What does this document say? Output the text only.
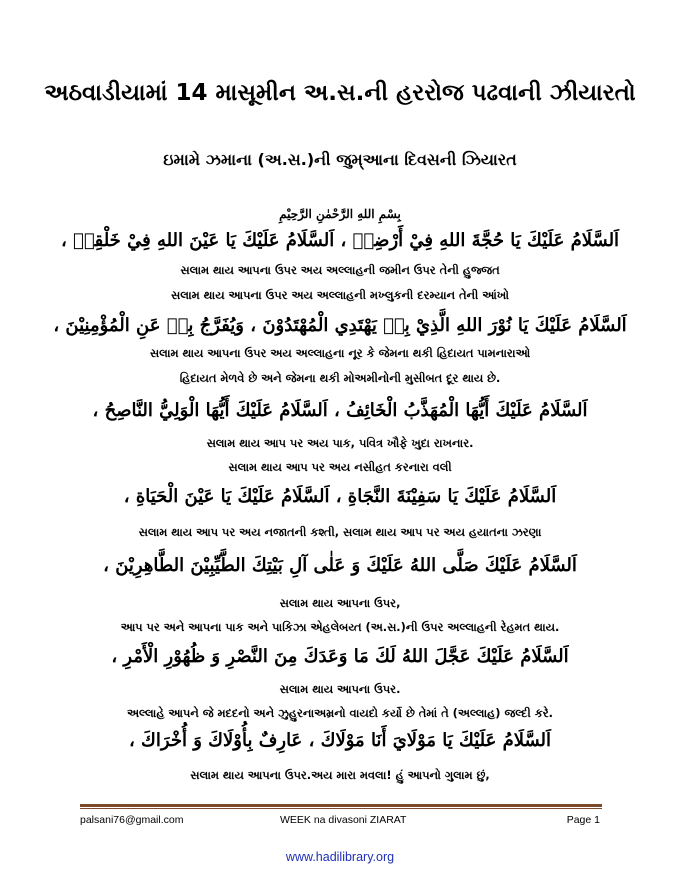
અઠવાડીયામાં 14 માસૂમીન અ.સ.ની હરરોજ પઢવાની ઝીયારતો
ઇમામે ઝમાના (અ.સ.)ની જુમ્આના દિવસની ઝિયારત
بِسْمِ اللهِ الرَّحْمٰنِ الرَّحِيْمِ
اَلسَّلَامُ عَلَيْكَ يَا حُجَّةَ اللهِ فِيْ أَرْضِهٖ ، اَلسَّلَامُ عَلَيْكَ يَا عَيْنَ اللهِ فِيْ خَلْقِهٖ ،
સલામ થાય આપના ઉપર અય અલ્લાહની જમીન ઉપર તેની હુજ્જત
સલામ થાય આપના ઉપર અય અલ્લાહની મખ્લુકની દરમ્યાન તેની આંખો
اَلسَّلَامُ عَلَيْكَ يَا نُوْرَ اللهِ الَّذِيْ بِهٖ يَهْتَدِي الْمُهْتَدُوْنَ ، وَيُفَرَّجُ بِهٖ عَنِ الْمُؤْمِنِيْنَ ،
સલામ થાય આપના ઉપર અય અલ્લાહના નૂર કે જેમના થકી હિદાયત પામનારાઓ
હિદાયત મેળવે છે અને જેમના થકી મોઅમીનોની મુસીબત દૂર થાય છે.
اَلسَّلَامُ عَلَيْكَ أَيُّهَا الْمُهَذَّبُ الْخَائِفُ ، اَلسَّلَامُ عَلَيْكَ أَيُّهَا الْوَلِيُّ النَّاصِحُ ،
સલામ થાય આપ પર અય પાક, પવિત્ર ખૌફે ખુદા રાખનાર.
સલામ થાય આપ પર અય નસીહત કરનારા વલી
اَلسَّلَامُ عَلَيْكَ يَا سَفِيْنَةَ النَّجَاةِ ، اَلسَّلَامُ عَلَيْكَ يَا عَيْنَ الْحَيَاةِ ،
સલામ થાય આપ પર અય નજાતની કશ્તી, સલામ થાય આપ પર અય હયાતના ઝરણા
اَلسَّلَامُ عَلَيْكَ صَلَّى اللهُ عَلَيْكَ وَ عَلٰى آلِ بَيْتِكَ الطَّيِّبِيْنَ الطَّاهِرِيْنَ ،
સલામ થાય આપના ઉપર,
આપ પર અને આપના પાક અને પાકિઝા એહલેબય્ત (અ.સ.)ની ઉપર અલ્લાહની રેહમત થાય.
اَلسَّلَامُ عَلَيْكَ عَجَّلَ اللهُ لَكَ مَا وَعَدَكَ مِنَ النَّصْرِ وَ ظُهُوْرِ الْأَمْرِ ،
સલામ થાય આપના ઉપર.
અલ્લાહે આપને જે મદદનો અને ઝુહુરનાઅમ્રનો વાયદો કર્યો છે તેમાં તે (અલ્લાહ) જલ્દી કરે.
اَلسَّلَامُ عَلَيْكَ يَا مَوْلَايَ أَنَا مَوْلَاكَ ، عَارِفٌ بِأُوْلَاكَ وَ أُخْرَاكَ ،
સલામ થાય આપના ઉપર.અય મારા મવલા! હું આપનો ગુલામ છું,
palsani76@gmail.com	WEEK na divasoni ZIARAT	Page 1
www.hadilibrary.org
